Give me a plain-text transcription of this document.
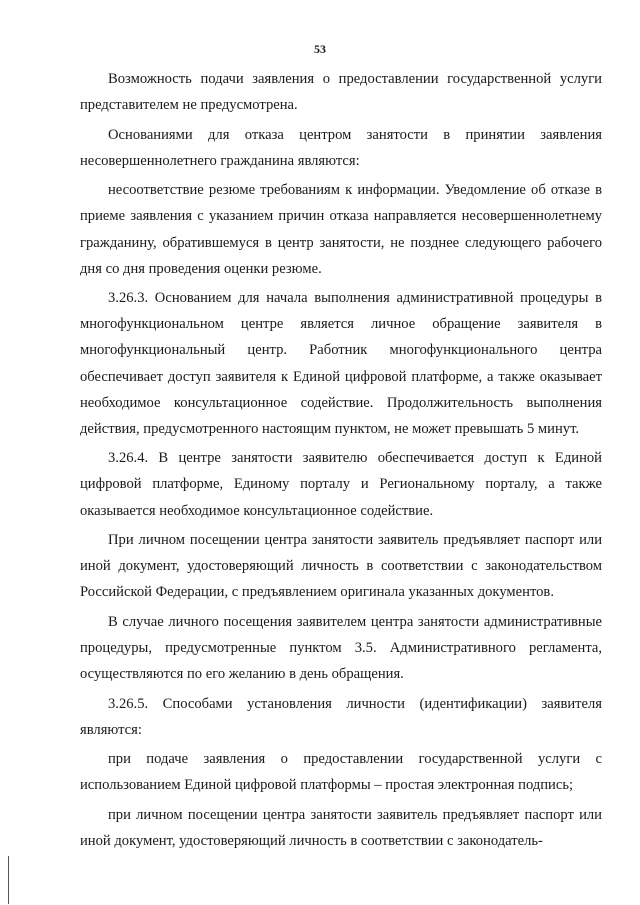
53

Возможность подачи заявления о предоставлении государственной услуги представителем не предусмотрена.

Основаниями для отказа центром занятости в принятии заявления несовершеннолетнего гражданина являются:

несоответствие резюме требованиям к информации. Уведомление об отказе в приеме заявления с указанием причин отказа направляется несовершеннолетнему гражданину, обратившемуся в центр занятости, не позднее следующего рабочего дня со дня проведения оценки резюме.

3.26.3. Основанием для начала выполнения административной процедуры в многофункциональном центре является личное обращение заявителя в многофункциональный центр. Работник многофункционального центра обеспечивает доступ заявителя к Единой цифровой платформе, а также оказывает необходимое консультационное содействие. Продолжительность выполнения действия, предусмотренного настоящим пунктом, не может превышать 5 минут.

3.26.4. В центре занятости заявителю обеспечивается доступ к Единой цифровой платформе, Единому порталу и Региональному порталу, а также оказывается необходимое консультационное содействие.

При личном посещении центра занятости заявитель предъявляет паспорт или иной документ, удостоверяющий личность в соответствии с законодательством Российской Федерации, с предъявлением оригинала указанных документов.

В случае личного посещения заявителем центра занятости административные процедуры, предусмотренные пунктом 3.5. Административного регламента, осуществляются по его желанию в день обращения.

3.26.5. Способами установления личности (идентификации) заявителя являются:

при подаче заявления о предоставлении государственной услуги с использованием Единой цифровой платформы – простая электронная подпись;

при личном посещении центра занятости заявитель предъявляет паспорт или иной документ, удостоверяющий личность в соответствии с законодатель-
